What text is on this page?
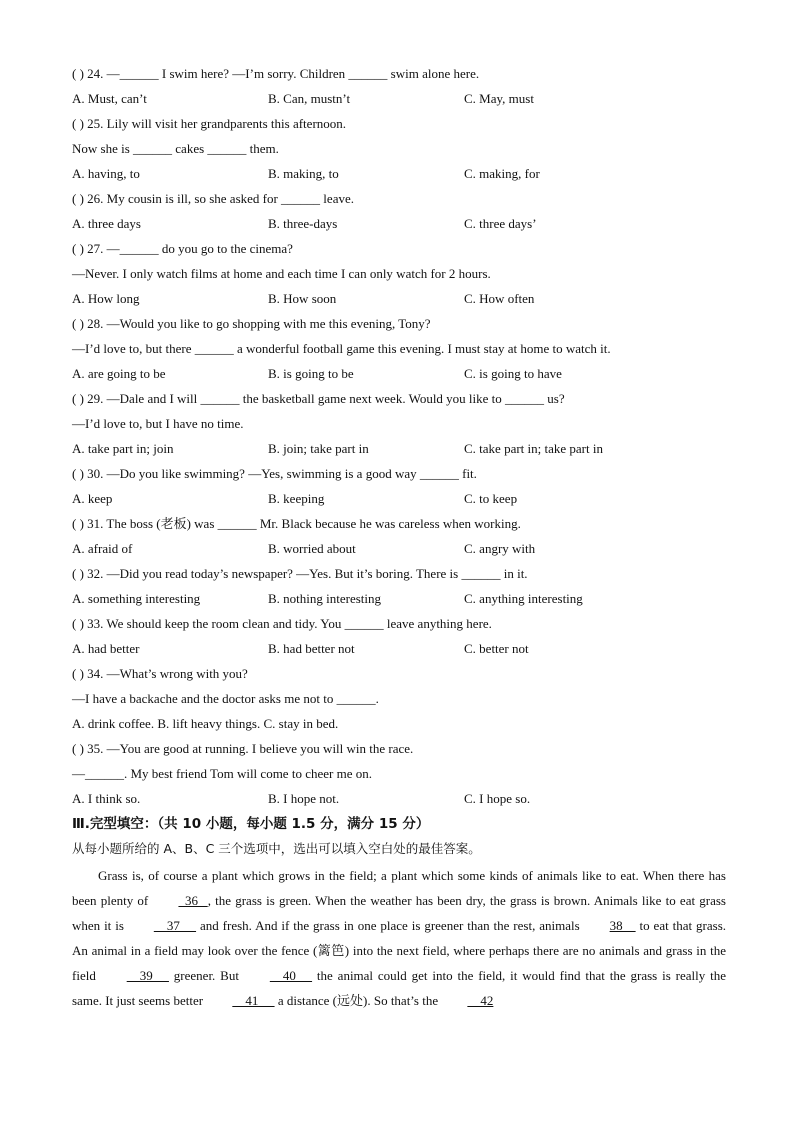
( ) 24. —______ I swim here? —I’m sorry. Children ______ swim alone here.
A. Must, can’t	B. Can, mustn’t	C. May, must
( ) 25. Lily will visit her grandparents this afternoon.
Now she is ______ cakes ______ them.
A. having, to	B. making, to	C. making, for
( ) 26. My cousin is ill, so she asked for ______ leave.
A. three days	B. three-days	C. three days’
( ) 27. —______ do you go to the cinema?
—Never. I only watch films at home and each time I can only watch for 2 hours.
A. How long	B. How soon	C. How often
( ) 28. —Would you like to go shopping with me this evening, Tony?
—I’d love to, but there ______ a wonderful football game this evening. I must stay at home to watch it.
A. are going to be	B. is going to be	C. is going to have
( ) 29. —Dale and I will ______ the basketball game next week. Would you like to ______ us?
—I’d love to, but I have no time.
A. take part in; join	B. join; take part in	C. take part in; take part in
( ) 30. —Do you like swimming? —Yes, swimming is a good way ______ fit.
A. keep	B. keeping	C. to keep
( ) 31. The boss (老板) was ______ Mr. Black because he was careless when working.
A. afraid of	B. worried about	C. angry with
( ) 32. —Did you read today’s newspaper? —Yes. But it’s boring. There is ______ in it.
A. something interesting	B. nothing interesting	C. anything interesting
( ) 33. We should keep the room clean and tidy. You ______ leave anything here.
A. had better	B. had better not	C. better not
( ) 34. —What’s wrong with you?
—I have a backache and the doctor asks me not to ______.
A. drink coffee. B. lift heavy things. C. stay in bed.
( ) 35. —You are good at running. I believe you will win the race.
—______. My best friend Tom will come to cheer me on.
A. I think so.	B. I hope not.	C. I hope so.
Ⅲ.完型填空：（共 10 小题，每小题 1.5 分，满分 15 分）
从每小题所给的 A、B、C 三个选项中，选出可以填入空白处的最佳答案。
Grass is, of course a plant which grows in the field; a plant which some kinds of animals like to eat. When there has been plenty of   36   , the grass is green. When the weather has been dry, the grass is brown. Animals like to eat grass when it is     37      and fresh. And if the grass in one place is greener than the rest, animals 38     to eat that grass. An animal in a field may look over the fence (篱笆) into the next field, where perhaps there are no animals and grass in the field     39      greener. But     40      the animal could get into the field, it would find that the grass is really the same. It just seems better     41      a distance (远处). So that’s the     42
